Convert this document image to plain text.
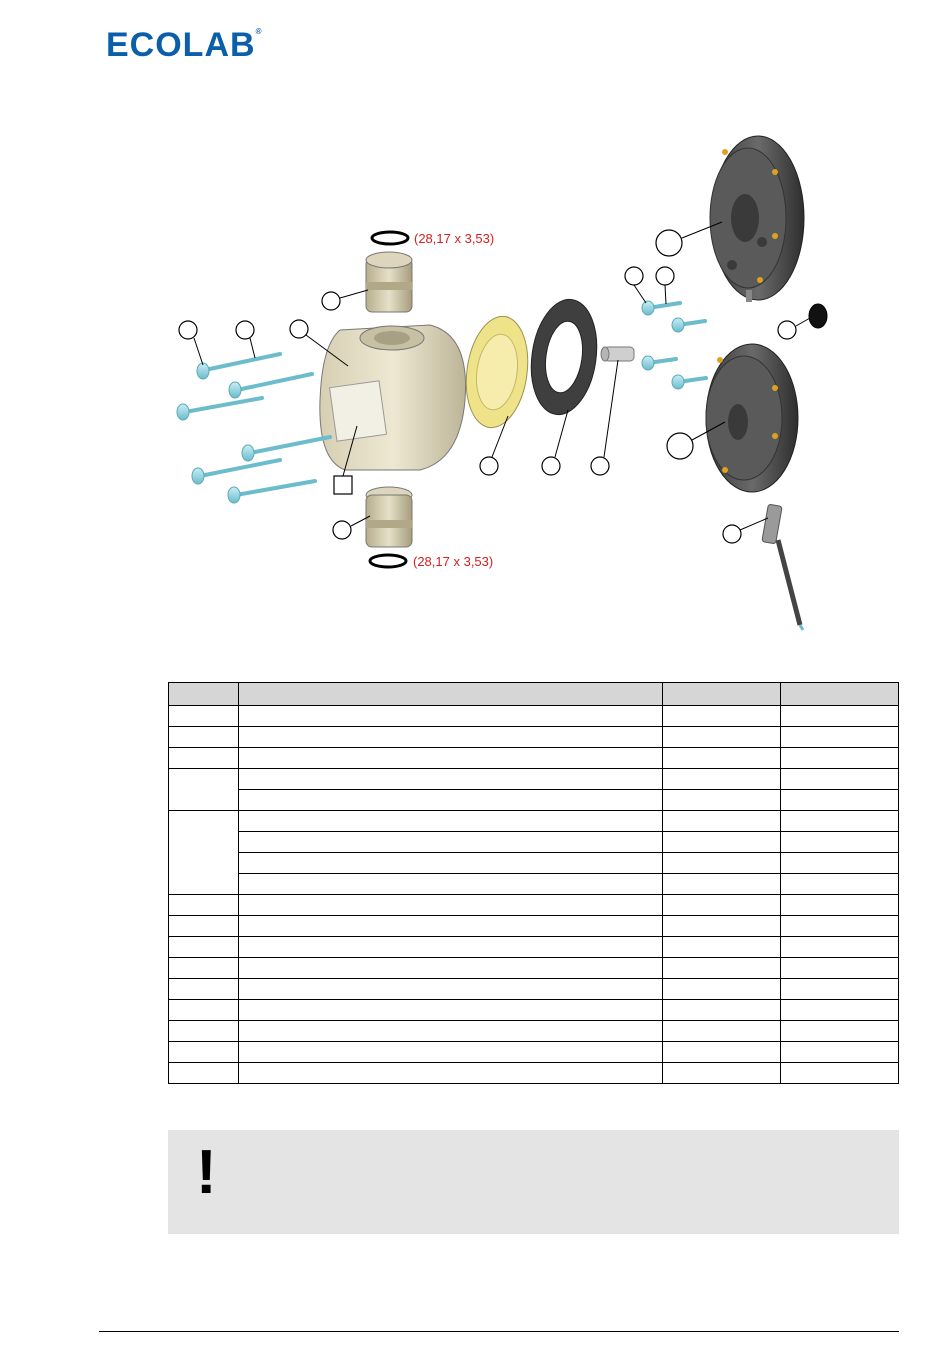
ECOLAB®
(28,17 x 3,53)
(28,17 x 3,53)

!
